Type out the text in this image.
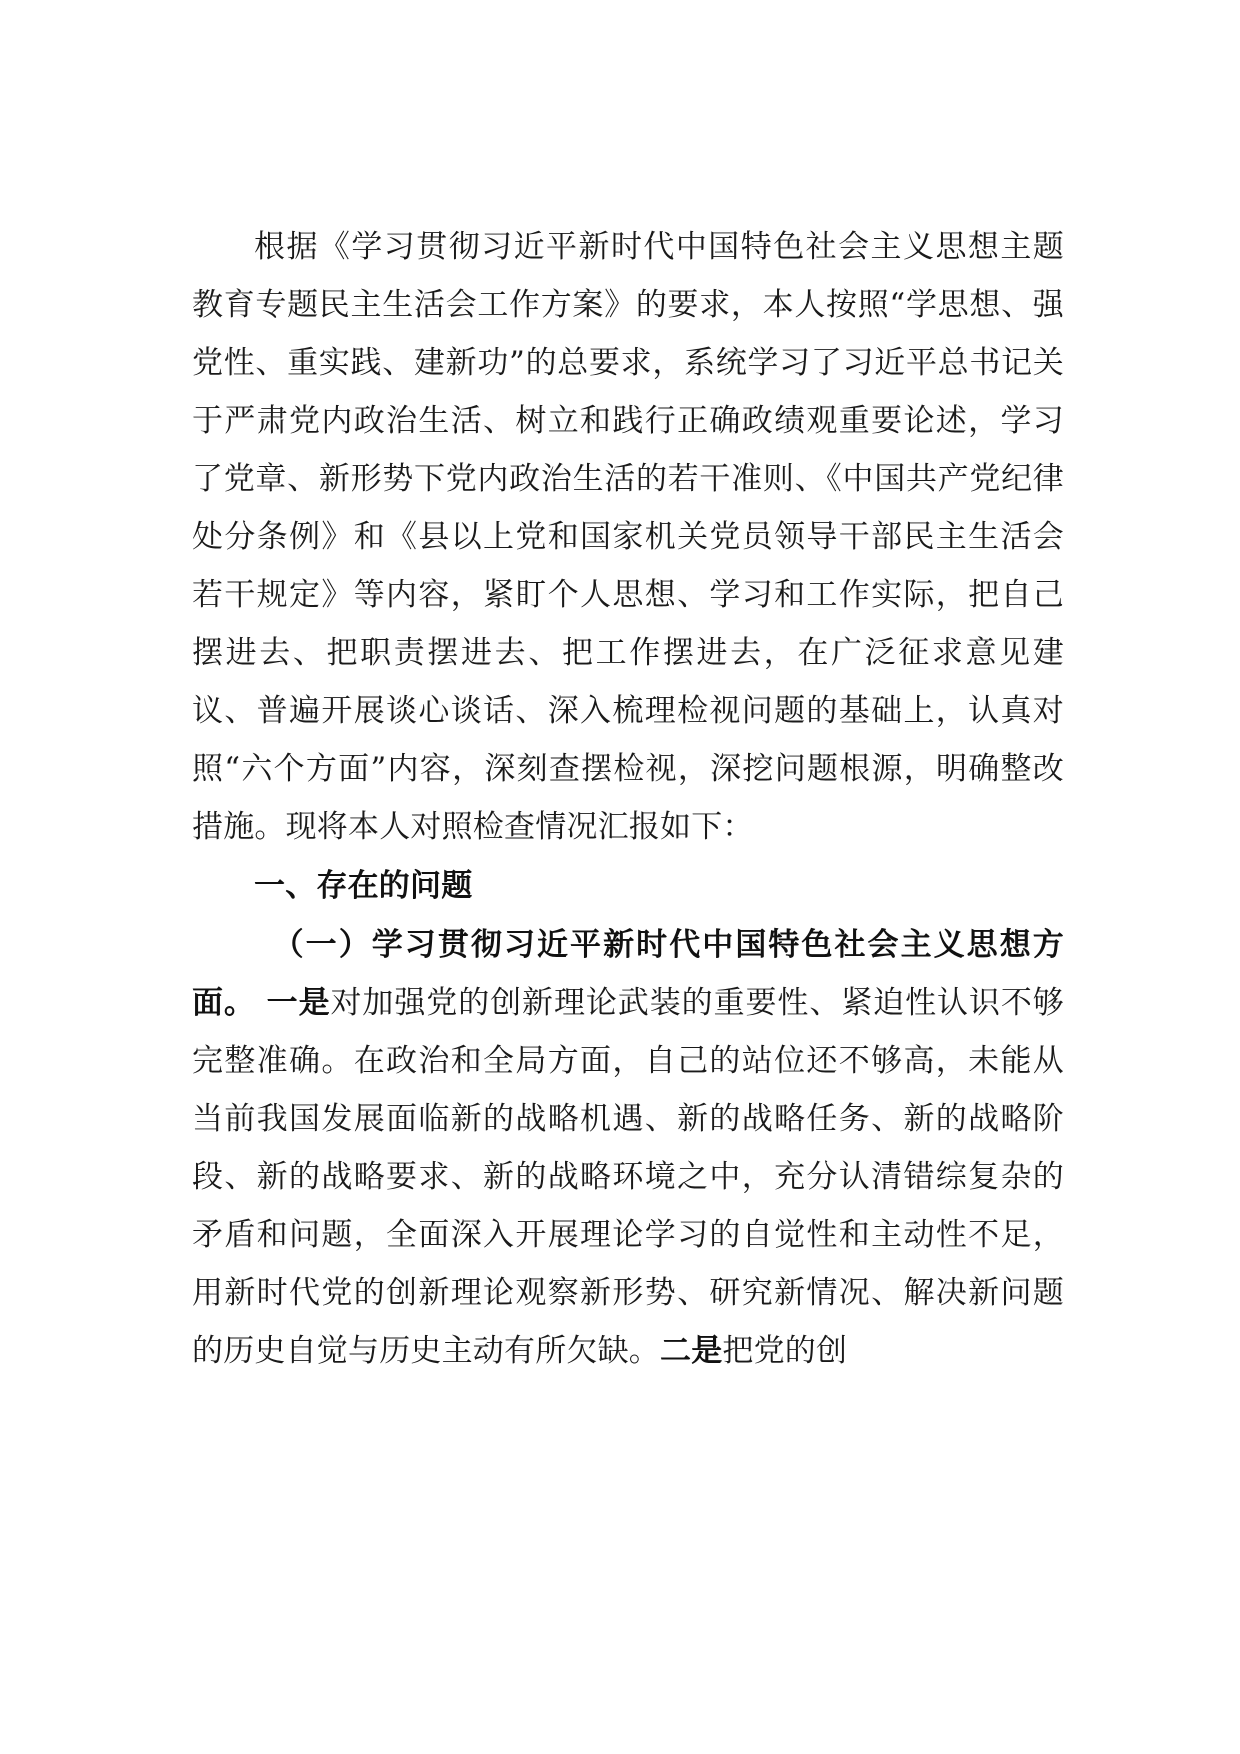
根据《学习贯彻习近平新时代中国特色社会主义思想主题教育专题民主生活会工作方案》的要求，本人按照“学思想、强党性、重实践、建新功”的总要求，系统学习了习近平总书记关于严肃党内政治生活、树立和践行正确政绩观重要论述，学习了党章、新形势下党内政治生活的若干准则、《中国共产党纪律处分条例》和《县以上党和国家机关党员领导干部民主生活会若干规定》等内容，紧盯个人思想、学习和工作实际，把自己摆进去、把职责摆进去、把工作摆进去，在广泛征求意见建议、普遍开展谈心谈话、深入梳理检视问题的基础上，认真对照“六个方面”内容，深刻查摆检视，深挖问题根源，明确整改措施。现将本人对照检查情况汇报如下：

一、存在的问题

（一）学习贯彻习近平新时代中国特色社会主义思想方面。 一是对加强党的创新理论武装的重要性、紧迫性认识不够完整准确。在政治和全局方面，自己的站位还不够高，未能从当前我国发展面临新的战略机遇、新的战略任务、新的战略阶段、新的战略要求、新的战略环境之中，充分认清错综复杂的矛盾和问题，全面深入开展理论学习的自觉性和主动性不足，用新时代党的创新理论观察新形势、研究新情况、解决新问题的历史自觉与历史主动有所欠缺。二是把党的创
